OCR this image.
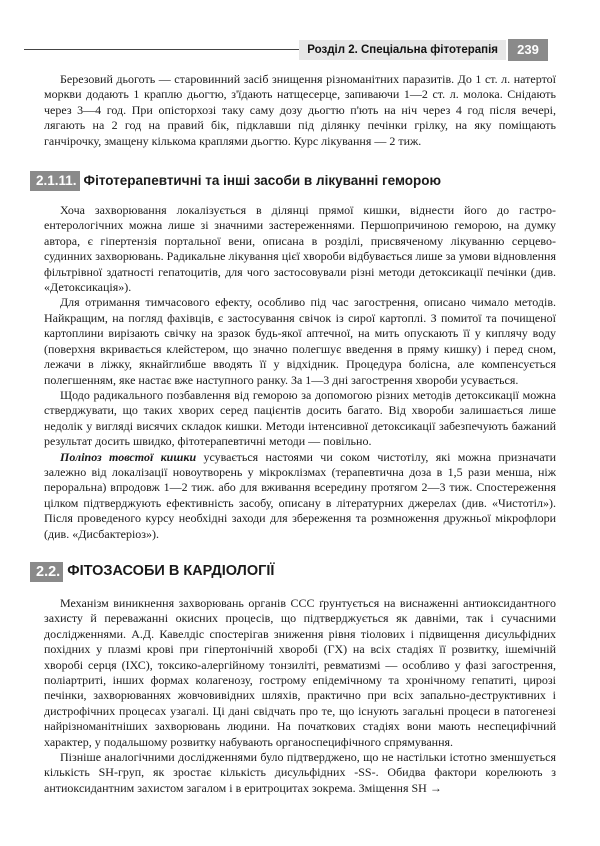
Розділ 2. Спеціальна фітотерапія	239

Березовий дьоготь — старовинний засіб знищення різноманітних паразитів. До 1 ст. л. натертої моркви додають 1 краплю дьогтю, з'їдають натщесерце, запиваючи 1—2 ст. л. молока. Снідають через 3—4 год. При опісторхозі таку саму дозу дьогтю п'ють на ніч через 4 год після вечері, лягають на 2 год на правий бік, підклавши під ділянку печінки грілку, на яку поміщають ганчірочку, змащену кількома краплями дьогтю. Курс лікування — 2 тиж.

2.1.11. Фітотерапевтичні та інші засоби в лікуванні геморою

Хоча захворювання локалізується в ділянці прямої кишки, віднести його до гастроентерологічних можна лише зі значними застереженнями. Першопричиною геморою, на думку автора, є гіпертензія портальної вени, описана в розділі, присвяченому лікуванню серцево-судинних захворювань. Радикальне лікування цієї хвороби відбувається лише за умови відновлення фільтрівної здатності гепатоцитів, для чого застосовували різні методи детоксикації печінки (див. «Детоксикація»).

Для отримання тимчасового ефекту, особливо під час загострення, описано чимало методів. Найкращим, на погляд фахівців, є застосування свічок із сирої картоплі. З помитої та почищеної картоплини вирізають свічку на зразок будь-якої аптечної, на мить опускають її у киплячу воду (поверхня вкривається клейстером, що значно полегшує введення в пряму кишку) і перед сном, лежачи в ліжку, якнайглибше вводять її у відхідник. Процедура болісна, але компенсується полегшенням, яке настає вже наступного ранку. За 1—3 дні загострення хвороби усувається.

Щодо радикального позбавлення від геморою за допомогою різних методів детоксикації можна стверджувати, що таких хворих серед пацієнтів досить багато. Від хвороби залишається лише недолік у вигляді висячих складок кишки. Методи інтенсивної детоксикації забезпечують бажаний результат досить швидко, фітотерапевтичні методи — повільно.

Поліпоз товстої кишки усувається настоями чи соком чистотілу, які можна призначати залежно від локалізації новоутворень у мікроклізмах (терапевтична доза в 1,5 рази менша, ніж пероральна) впродовж 1—2 тиж. або для вживання всередину протягом 2—3 тиж. Спостереження цілком підтверджують ефективність засобу, описану в літературних джерелах (див. «Чистотіл»). Після проведеного курсу необхідні заходи для збереження та розмноження дружньої мікрофлори (див. «Дисбактеріоз»).

2.2. ФІТОЗАСОБИ В КАРДІОЛОГІЇ

Механізм виникнення захворювань органів ССС ґрунтується на виснаженні антиоксидантного захисту й переважанні окисних процесів, що підтверджується як давніми, так і сучасними дослідженнями. А.Д. Кавелдіс спостерігав зниження рівня тіолових і підвищення дисульфідних похідних у плазмі крові при гіпертонічній хворобі (ГХ) на всіх стадіях її розвитку, ішемічній хворобі серця (ІХС), токсико-алергійному тонзиліті, ревматизмі — особливо у фазі загострення, поліартриті, інших формах колагенозу, гострому епідемічному та хронічному гепатиті, цирозі печінки, захворюваннях жовчовивідних шляхів, практично при всіх запально-деструктивних і дистрофічних процесах узагалі. Ці дані свідчать про те, що існують загальні процеси в патогенезі найрізноманітніших захворювань людини. На початкових стадіях вони мають неспецифічний характер, у подальшому розвитку набувають органоспецифічного спрямування.

Пізніше аналогічними дослідженнями було підтверджено, що не настільки істотно зменшується кількість SH-груп, як зростає кількість дисульфідних -SS-. Обидва фактори корелюють з антиоксидантним захистом загалом і в еритроцитах зокрема. Зміщення SH →
